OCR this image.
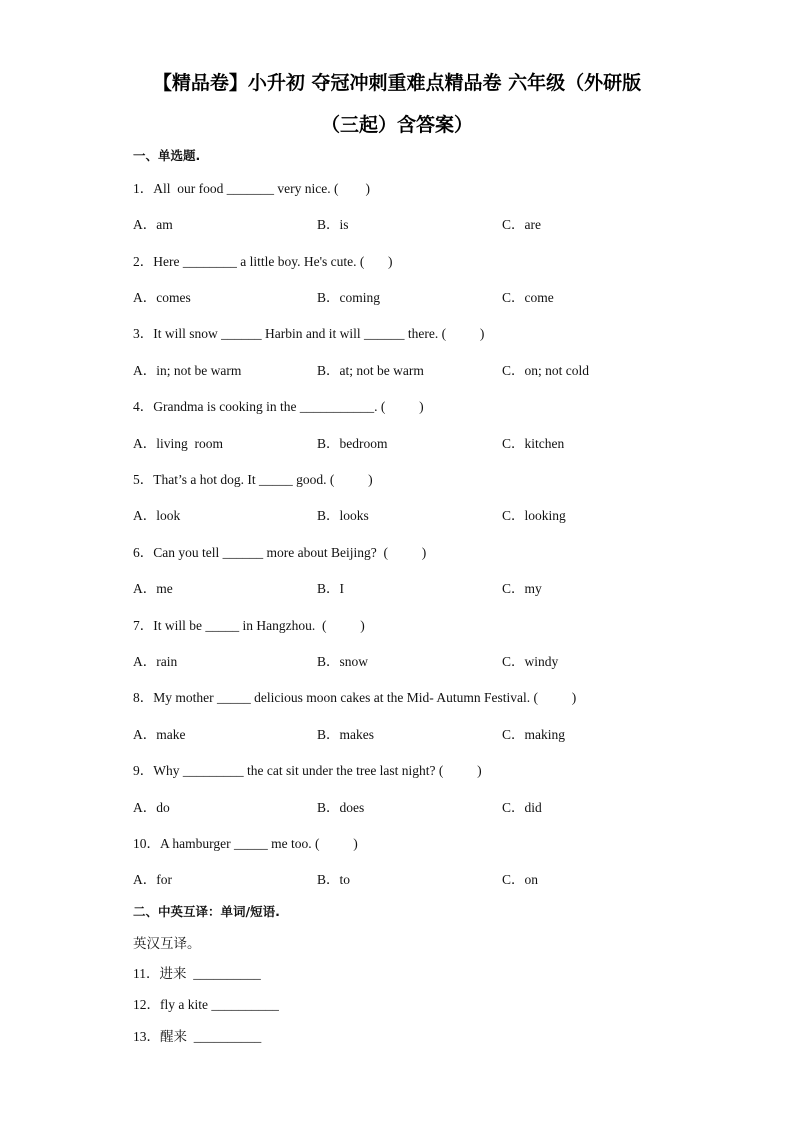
【精品卷】小升初 夺冠冲刺重难点精品卷 六年级（外研版
（三起）含答案）
一、单选题.
1．All  our food _______ very nice. (        )
A．am	B．is	C．are
2．Here ________ a little boy. He's cute. (       )
A．comes	B．coming	C．come
3．It will snow ______ Harbin and it will ______ there. (          )
A．in; not be warm	B．at; not be warm	C．on; not cold
4．Grandma is cooking in the ___________. (          )
A．living  room	B．bedroom	C．kitchen
5．That’s a hot dog. It _____ good. (          )
A．look	B．looks	C．looking
6．Can you tell ______ more about Beijing?  (          )
A．me	B．I	C．my
7．It will be _____ in Hangzhou.  (          )
A．rain	B．snow	C．windy
8．My mother _____ delicious moon cakes at the Mid- Autumn Festival. (          )
A．make	B．makes	C．making
9．Why _________ the cat sit under the tree last night? (          )
A．do	B．does	C．did
10．A hamburger _____ me too. (          )
A．for	B．to	C．on
二、中英互译：单词/短语.
英汉互译。
11．进来  __________
12．fly a kite __________
13．醒来  __________
